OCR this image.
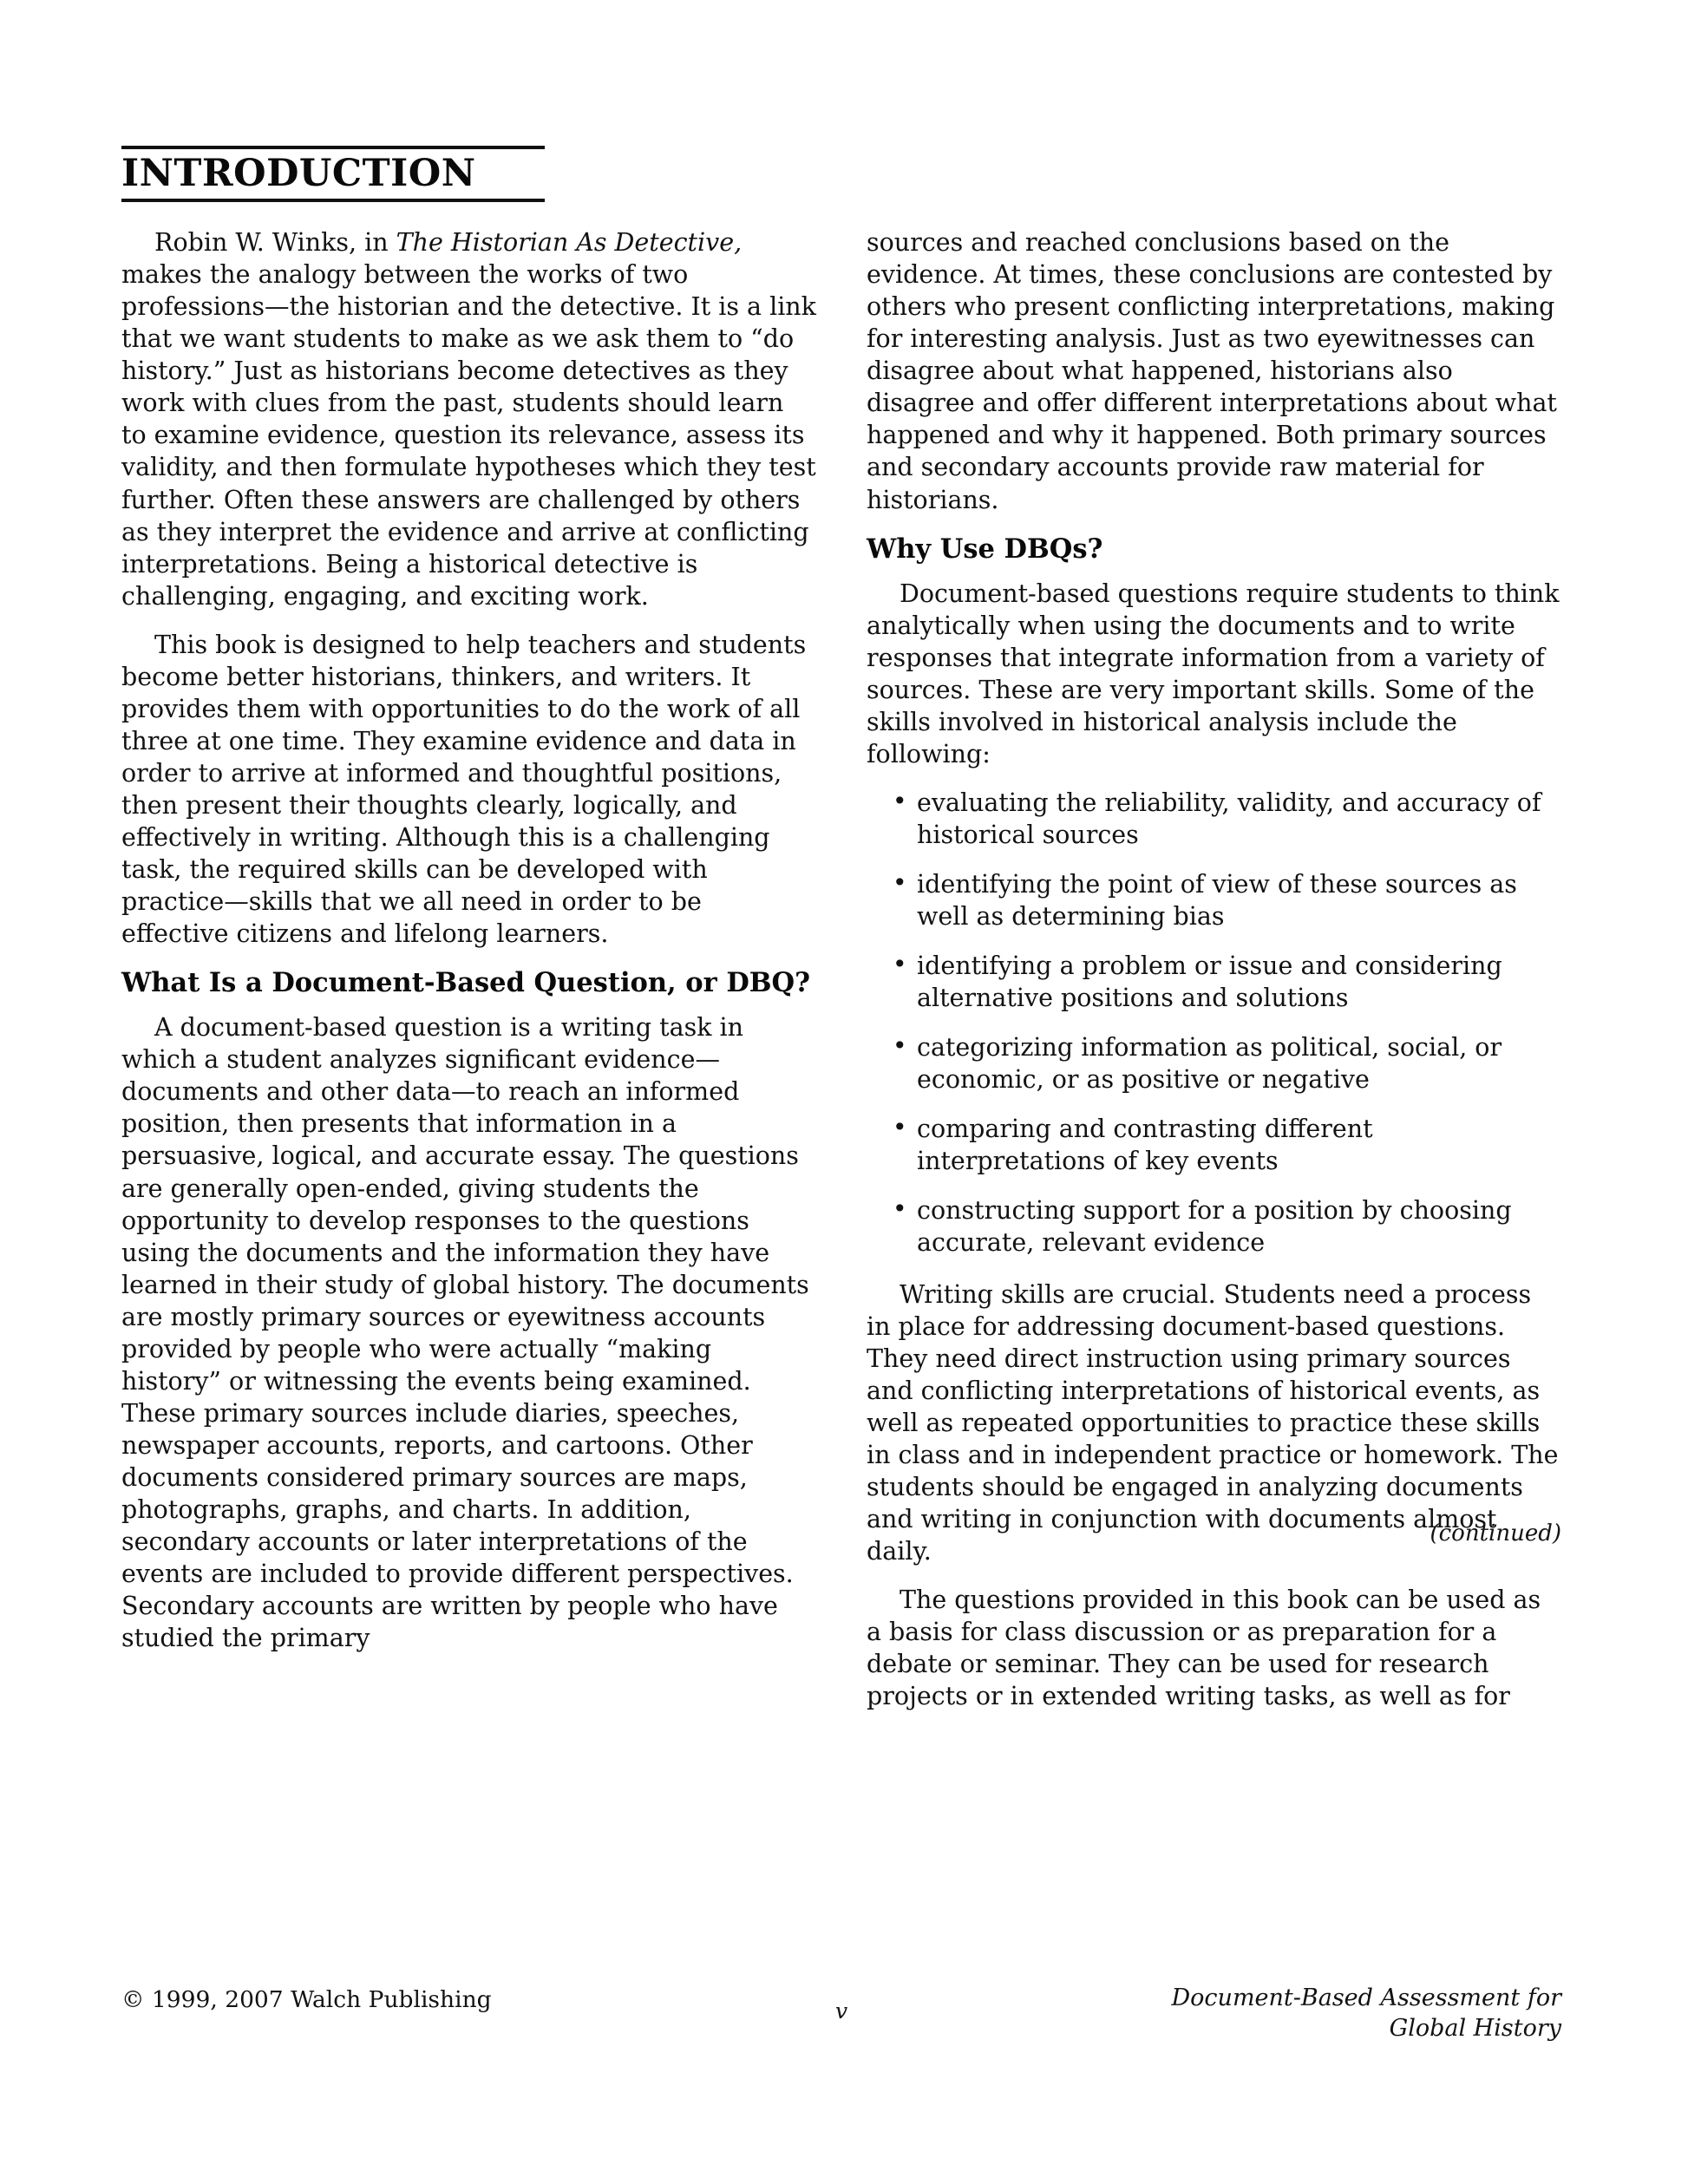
INTRODUCTION

Robin W. Winks, in The Historian As Detective, makes the analogy between the works of two professions—the historian and the detective. It is a link that we want students to make as we ask them to “do history.” Just as historians become detectives as they work with clues from the past, students should learn to examine evidence, question its relevance, assess its validity, and then formulate hypotheses which they test further. Often these answers are challenged by others as they interpret the evidence and arrive at conflicting interpretations. Being a historical detective is challenging, engaging, and exciting work.

This book is designed to help teachers and students become better historians, thinkers, and writers. It provides them with opportunities to do the work of all three at one time. They examine evidence and data in order to arrive at informed and thoughtful positions, then present their thoughts clearly, logically, and effectively in writing. Although this is a challenging task, the required skills can be developed with practice—skills that we all need in order to be effective citizens and lifelong learners.

What Is a Document-Based Question, or DBQ?

A document-based question is a writing task in which a student analyzes significant evidence—documents and other data—to reach an informed position, then presents that information in a persuasive, logical, and accurate essay. The questions are generally open-ended, giving students the opportunity to develop responses to the questions using the documents and the information they have learned in their study of global history. The documents are mostly primary sources or eyewitness accounts provided by people who were actually “making history” or witnessing the events being examined. These primary sources include diaries, speeches, newspaper accounts, reports, and cartoons. Other documents considered primary sources are maps, photographs, graphs, and charts. In addition, secondary accounts or later interpretations of the events are included to provide different perspectives. Secondary accounts are written by people who have studied the primary

sources and reached conclusions based on the evidence. At times, these conclusions are contested by others who present conflicting interpretations, making for interesting analysis. Just as two eyewitnesses can disagree about what happened, historians also disagree and offer different interpretations about what happened and why it happened. Both primary sources and secondary accounts provide raw material for historians.

Why Use DBQs?

Document-based questions require students to think analytically when using the documents and to write responses that integrate information from a variety of sources. These are very important skills. Some of the skills involved in historical analysis include the following:

• evaluating the reliability, validity, and accuracy of historical sources
• identifying the point of view of these sources as well as determining bias
• identifying a problem or issue and considering alternative positions and solutions
• categorizing information as political, social, or economic, or as positive or negative
• comparing and contrasting different interpretations of key events
• constructing support for a position by choosing accurate, relevant evidence

Writing skills are crucial. Students need a process in place for addressing document-based questions. They need direct instruction using primary sources and conflicting interpretations of historical events, as well as repeated opportunities to practice these skills in class and in independent practice or homework. The students should be engaged in analyzing documents and writing in conjunction with documents almost daily.

The questions provided in this book can be used as a basis for class discussion or as preparation for a debate or seminar. They can be used for research projects or in extended writing tasks, as well as for

(continued)
© 1999, 2007 Walch Publishing	v	Document-Based Assessment for
Global History
